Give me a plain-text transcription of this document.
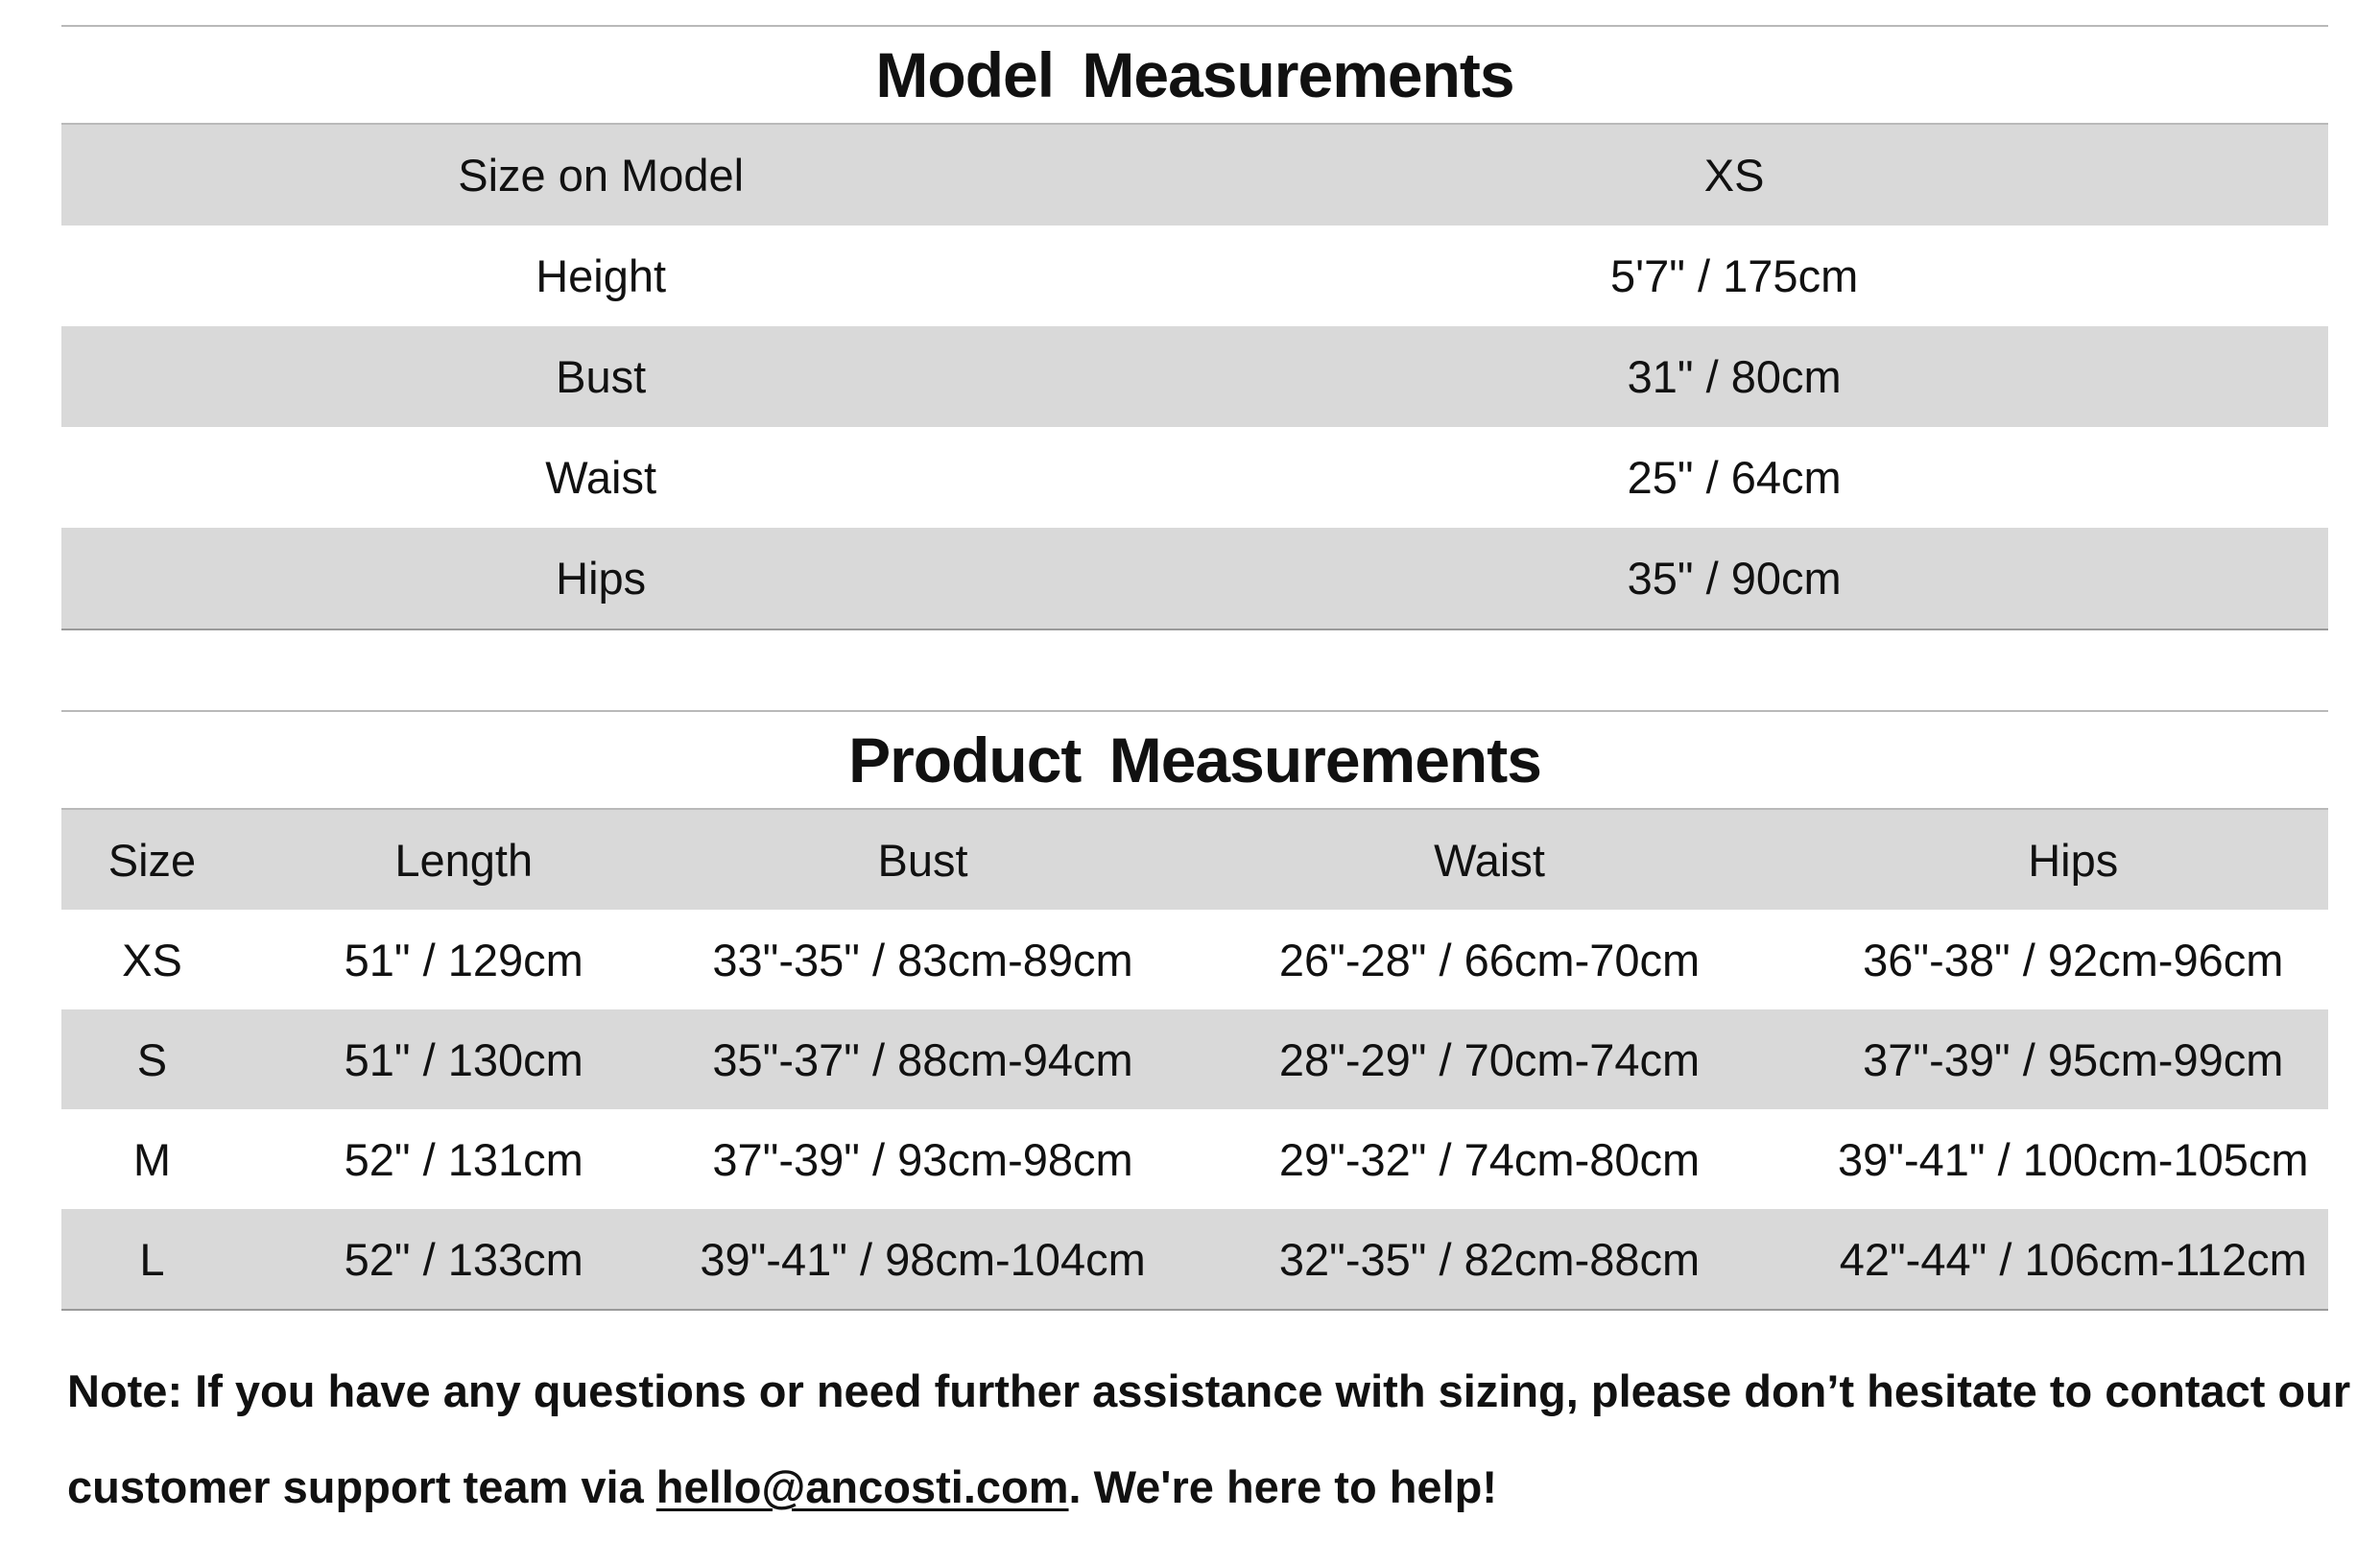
Model Measurements
Size on Model	XS
Height	5'7" / 175cm
Bust	31" / 80cm
Waist	25" / 64cm
Hips	35" / 90cm
Product Measurements
Size	Length	Bust	Waist	Hips
XS	51" / 129cm	33"-35" / 83cm-89cm	26"-28" / 66cm-70cm	36"-38" / 92cm-96cm
S	51" / 130cm	35"-37" / 88cm-94cm	28"-29" / 70cm-74cm	37"-39" / 95cm-99cm
M	52" / 131cm	37"-39" / 93cm-98cm	29"-32" / 74cm-80cm	39"-41" / 100cm-105cm
L	52" / 133cm	39"-41" / 98cm-104cm	32"-35" / 82cm-88cm	42"-44" / 106cm-112cm
Note: If you have any questions or need further assistance with sizing, please don’t hesitate to contact our customer support team via hello@ancosti.com. We're here to help!
